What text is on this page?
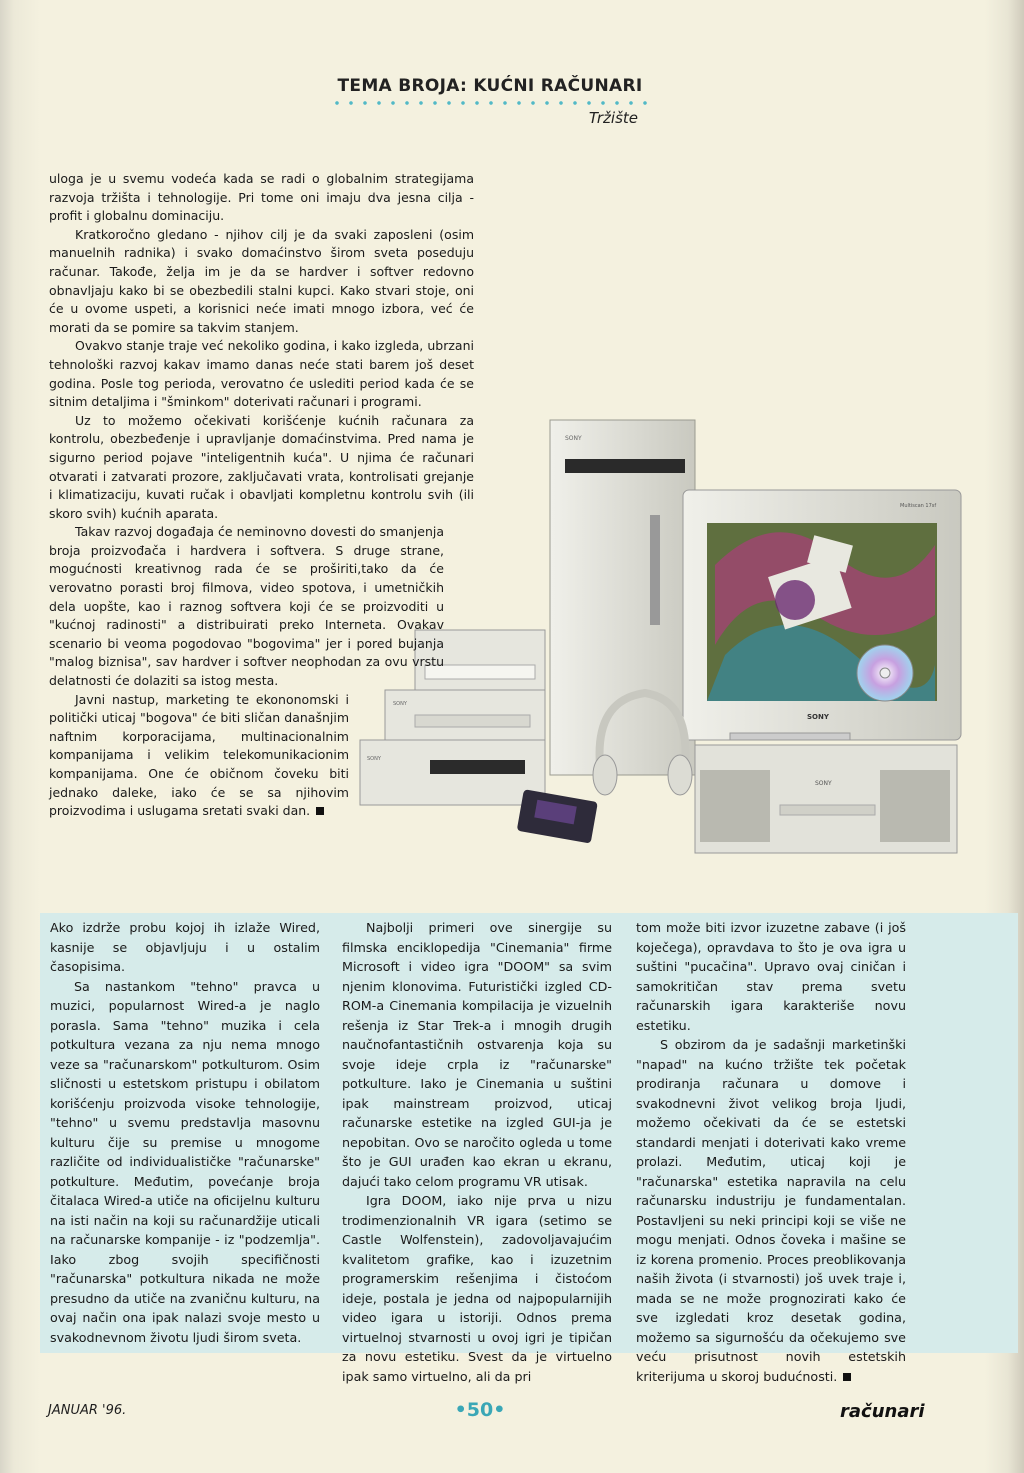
TEMA BROJA: KUĆNI RAČUNARI
Tržište

uloga je u svemu vodeća kada se radi o globalnim strategijama razvoja tržišta i tehnologije. Pri tome oni imaju dva jesna cilja - profit i globalnu dominaciju.

Kratkoročno gledano - njihov cilj je da svaki zaposleni (osim manuelnih radnika) i svako domaćinstvo širom sveta poseduju računar. Takođe, želja im je da se hardver i softver redovno obnavljaju kako bi se obezbedili stalni kupci. Kako stvari stoje, oni će u ovome uspeti, a korisnici neće imati mnogo izbora, već će morati da se pomire sa takvim stanjem.

Ovakvo stanje traje već nekoliko godina, i kako izgleda, ubrzani tehnološki razvoj kakav imamo danas neće stati barem još deset godina. Posle tog perioda, verovatno će uslediti period kada će se sitnim detaljima i "šminkom" doterivati računari i programi.

Uz to možemo očekivati korišćenje kućnih računara za kontrolu, obezbeđenje i upravljanje domaćinstvima. Pred nama je sigurno period pojave "inteligentnih kuća". U njima će računari otvarati i zatvarati prozore, zaključavati vrata, kontrolisati grejanje i klimatizaciju, kuvati ručak i obavljati kompletnu kontrolu svih (ili skoro svih) kućnih aparata.

Takav razvoj događaja će neminovno dovesti do smanjenja broja proizvođača i hardvera i softvera. S druge strane, mogućnosti kreativnog rada će se proširiti,tako da će verovatno porasti broj filmova, video spotova, i umetničkih dela uopšte, kao i raznog softvera koji će se proizvoditi u "kućnoj radinosti" a distribuirati preko Interneta. Ovakav scenario bi veoma pogodovao "bogovima" jer i pored bujanja "malog biznisa", sav hardver i softver neophodan za ovu vrstu delatnosti će dolaziti sa istog mesta.

Javni nastup, marketing te ekononomski i politički uticaj "bogova" će biti sličan današnjim naftnim korporacijama, multinacionalnim kompanijama i velikim telekomunikacionim kompanijama. One će običnom čoveku biti jednako daleke, iako će se sa njihovim proizvodima i uslugama sretati svaki dan.

SONY
SONY
SONY
Multiscan 17sf
SONY
SONY

Ako izdrže probu kojoj ih izlaže Wired, kasnije se objavljuju i u ostalim časopisima.

Sa nastankom "tehno" pravca u muzici, popularnost Wired-a je naglo porasla. Sama "tehno" muzika i cela potkultura vezana za nju nema mnogo veze sa "računarskom" potkulturom. Osim sličnosti u estetskom pristupu i obilatom korišćenju proizvoda visoke tehnologije, "tehno" u svemu predstavlja masovnu kulturu čije su premise u mnogome različite od individualističke "računarske" potkulture. Međutim, povećanje broja čitalaca Wired-a utiče na oficijelnu kulturu na isti način na koji su računardžije uticali na računarske kompanije - iz "podzemlja". Iako zbog svojih specifičnosti "računarska" potkultura nikada ne može presudno da utiče na zvaničnu kulturu, na ovaj način ona ipak nalazi svoje mesto u svakodnevnom životu ljudi širom sveta.

Najbolji primeri ove sinergije su filmska enciklopedija "Cinemania" firme Microsoft i video igra "DOOM" sa svim njenim klonovima. Futuristički izgled CD-ROM-a Cinemania kompilacija je vizuelnih rešenja iz Star Trek-a i mnogih drugih naučnofantastičnih ostvarenja koja su svoje ideje crpla iz "računarske" potkulture. Iako je Cinemania u suštini ipak mainstream proizvod, uticaj računarske estetike na izgled GUI-ja je nepobitan. Ovo se naročito ogleda u tome što je GUI urađen kao ekran u ekranu, dajući tako celom programu VR utisak.

Igra DOOM, iako nije prva u nizu trodimenzionalnih VR igara (setimo se Castle Wolfenstein), zadovoljavajućim kvalitetom grafike, kao i izuzetnim programerskim rešenjima i čistoćom ideje, postala je jedna od najpopularnijih video igara u istoriji. Odnos prema virtuelnoj stvarnosti u ovoj igri je tipičan za novu estetiku. Svest da je virtuelno ipak samo virtuelno, ali da pri

tom može biti izvor izuzetne zabave (i još koječega), opravdava to što je ova igra u suštini "pucačina". Upravo ovaj ciničan i samokritičan stav prema svetu računarskih igara karakteriše novu estetiku.

S obzirom da je sadašnji marketinški "napad" na kućno tržište tek početak prodiranja računara u domove i svakodnevni život velikog broja ljudi, možemo očekivati da će se estetski standardi menjati i doterivati kako vreme prolazi. Međutim, uticaj koji je "računarska" estetika napravila na celu računarsku industriju je fundamentalan. Postavljeni su neki principi koji se više ne mogu menjati. Odnos čoveka i mašine se iz korena promenio. Proces preoblikovanja naših života (i stvarnosti) još uvek traje i, mada se ne može prognozirati kako će sve izgledati kroz desetak godina, možemo sa sigurnošću da očekujemo sve veću prisutnost novih estetskih kriterijuma u skorој budućnosti.

JANUAR '96.	•50•	računari
